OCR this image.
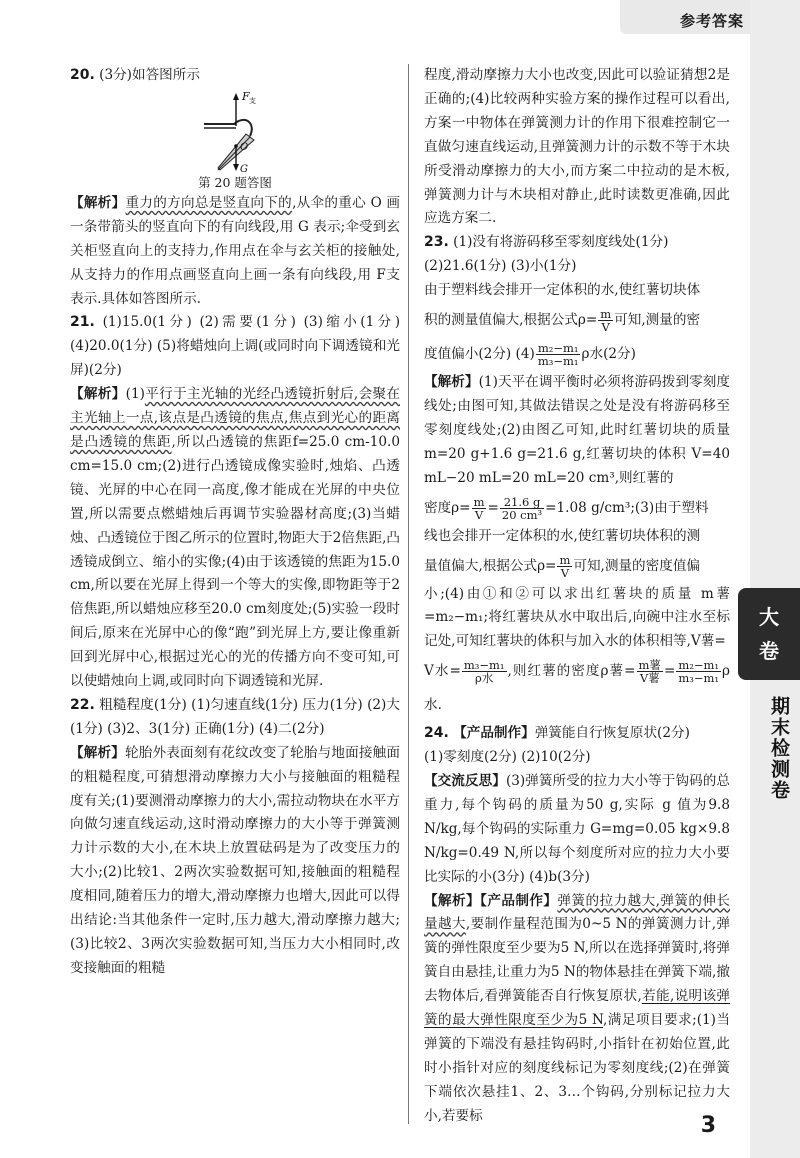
参考答案
大
卷
期末检测卷

20. (3分)如答图所示

F 支
O
G
第 20 题答图

【解析】重力的方向总是竖直向下的,从伞的重心 O 画一条带箭头的竖直向下的有向线段,用 G 表示;伞受到玄关柜竖直向上的支持力,作用点在伞与玄关柜的接触处,从支持力的作用点画竖直向上画一条有向线段,用 F支 表示.具体如答图所示.

21. (1)15.0(1分) (2)需要(1分) (3)缩小(1分) (4)20.0(1分) (5)将蜡烛向上调(或同时向下调透镜和光屏)(2分)

【解析】(1)平行于主光轴的光经凸透镜折射后,会聚在主光轴上一点,该点是凸透镜的焦点,焦点到光心的距离是凸透镜的焦距,所以凸透镜的焦距f=25.0 cm-10.0 cm=15.0 cm;(2)进行凸透镜成像实验时,烛焰、凸透镜、光屏的中心在同一高度,像才能成在光屏的中央位置,所以需要点燃蜡烛后再调节实验器材高度;(3)当蜡烛、凸透镜位于图乙所示的位置时,物距大于2倍焦距,凸透镜成倒立、缩小的实像;(4)由于该透镜的焦距为15.0 cm,所以要在光屏上得到一个等大的实像,即物距等于2倍焦距,所以蜡烛应移至20.0 cm刻度处;(5)实验一段时间后,原来在光屏中心的像“跑”到光屏上方,要让像重新回到光屏中心,根据过光心的光的传播方向不变可知,可以使蜡烛向上调,或同时向下调透镜和光屏.

22. 粗糙程度(1分) (1)匀速直线(1分) 压力(1分) (2)大(1分) (3)2、3(1分) 正确(1分) (4)二(2分)

【解析】轮胎外表面刻有花纹改变了轮胎与地面接触面的粗糙程度,可猜想滑动摩擦力大小与接触面的粗糙程度有关;(1)要测滑动摩擦力的大小,需拉动物块在水平方向做匀速直线运动,这时滑动摩擦力的大小等于弹簧测力计示数的大小,在木块上放置砝码是为了改变压力的大小;(2)比较1、2两次实验数据可知,接触面的粗糙程度相同,随着压力的增大,滑动摩擦力也增大,因此可以得出结论:当其他条件一定时,压力越大,滑动摩擦力越大;(3)比较2、3两次实验数据可知,当压力大小相同时,改变接触面的粗糙

程度,滑动摩擦力大小也改变,因此可以验证猜想2是正确的;(4)比较两种实验方案的操作过程可以看出,方案一中物体在弹簧测力计的作用下很难控制它一直做匀速直线运动,且弹簧测力计的示数不等于木块所受滑动摩擦力的大小,而方案二中拉动的是木板,弹簧测力计与木块相对静止,此时读数更准确,因此应选方案二.

23. (1)没有将游码移至零刻度线处(1分)

(2)21.6(1分) (3)小(1分)

由于塑料线会排开一定体积的水,使红薯切块体

积的测量值偏大,根据公式$\rho= \frac{m}{V}$ 可知,测量的密

度值偏小(2分) $(4) \frac{\text{m₂−m₁}}{\text{m₃−m₁}}$ ρ水(2分)

【解析】(1)天平在调平衡时必须将游码拨到零刻度线处;由图可知,其做法错误之处是没有将游码移至零刻度线处;(2)由图乙可知,此时红薯切块的质量 m=20 g+1.6 g=21.6 g,红薯切块的体积 V=40 mL−20 mL=20 mL=20 cm³,则红薯的

密度$\rho= \frac{m}{V} = \frac{21.6 g}{\text{20 cm³}} =1.08$ g/cm³;(3)由于塑料

线也会排开一定体积的水,使红薯切块体积的测

量值偏大,根据公式$\rho= \frac{m}{V}$ 可知,测量的密度值偏

小;(4)由①和②可以求出红薯块的质量 m薯=m₂−m₁;将红薯块从水中取出后,向碗中注水至标记处,可知红薯块的体积与加入水的体积相等,V薯=

V水= $\frac{\text{m₃−m₁}}{\text{ρ水}}$ ,则红薯的密度ρ薯= $\frac{\text{m薯}}{\text{V薯}} = \frac{\text{m₂−m₁}}{\text{m₃−m₁}}$ ρ水.

24. 【产品制作】弹簧能自行恢复原状(2分)

(1)零刻度(2分) (2)10(2分)

【交流反思】(3)弹簧所受的拉力大小等于钩码的总重力,每个钩码的质量为50 g,实际 g 值为9.8 N/kg,每个钩码的实际重力 G=mg=0.05 kg×9.8 N/kg=0.49 N,所以每个刻度所对应的拉力大小要比实际的小(3分) (4)b(3分)

【解析】【产品制作】弹簧的拉力越大,弹簧的伸长量越大,要制作量程范围为0~5 N的弹簧测力计,弹簧的弹性限度至少要为5 N,所以在选择弹簧时,将弹簧自由悬挂,让重力为5 N的物体悬挂在弹簧下端,撤去物体后,看弹簧能否自行恢复原状,若能,说明该弹簧的最大弹性限度至少为5 N,满足项目要求;(1)当弹簧的下端没有悬挂钩码时,小指针在初始位置,此时小指针对应的刻度线标记为零刻度线;(2)在弹簧下端依次悬挂1、2、3…个钩码,分别标记拉力大小,若要标	3
